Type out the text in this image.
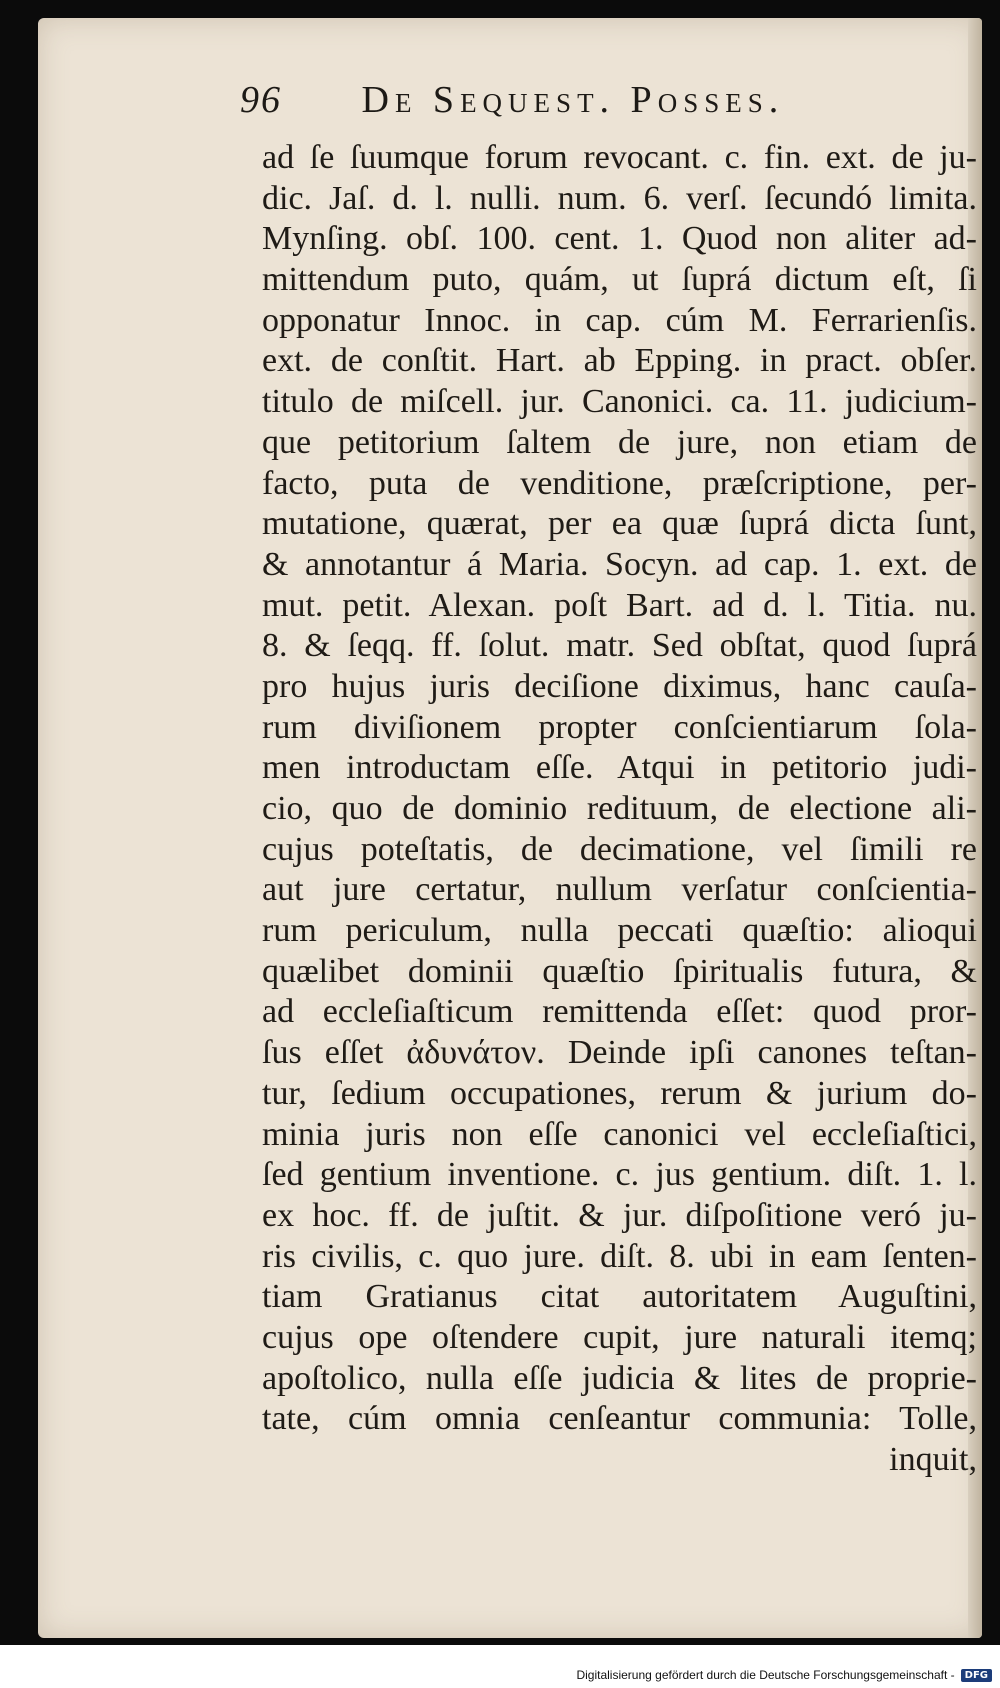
96 De Sequest. Posses.
ad ſe ſuumque forum revocant. c. fin. ext. de ju-
dic. Jaſ. d. l. nulli. num. 6. verſ. ſecundó limita.
Mynſing. obſ. 100. cent. 1. Quod non aliter ad-
mittendum puto, quám, ut ſuprá dictum eſt, ſi
opponatur Innoc. in cap. cúm M. Ferrarienſis.
ext. de conſtit. Hart. ab Epping. in pract. obſer.
titulo de miſcell. jur. Canonici. ca. 11. judicium-
que petitorium ſaltem de jure, non etiam de
facto, puta de venditione, præſcriptione, per-
mutatione, quærat, per ea quæ ſuprá dicta ſunt,
& annotantur á Maria. Socyn. ad cap. 1. ext. de
mut. petit. Alexan. poſt Bart. ad d. l. Titia. nu.
8. & ſeqq. ff. ſolut. matr. Sed obſtat, quod ſuprá
pro hujus juris deciſione diximus, hanc cauſa-
rum diviſionem propter conſcientiarum ſola-
men introductam eſſe. Atqui in petitorio judi-
cio, quo de dominio redituum, de electione ali-
cujus poteſtatis, de decimatione, vel ſimili re
aut jure certatur, nullum verſatur conſcientia-
rum periculum, nulla peccati quæſtio: alioqui
quælibet dominii quæſtio ſpiritualis futura, &
ad eccleſiaſticum remittenda eſſet: quod pror-
ſus eſſet ἀδυνάτον. Deinde ipſi canones teſtan-
tur, ſedium occupationes, rerum & jurium do-
minia juris non eſſe canonici vel eccleſiaſtici,
ſed gentium inventione. c. jus gentium. diſt. 1. l.
ex hoc. ff. de juſtit. & jur. diſpoſitione veró ju-
ris civilis, c. quo jure. diſt. 8. ubi in eam ſenten-
tiam Gratianus citat autoritatem Auguſtini,
cujus ope oſtendere cupit, jure naturali itemq;
apoſtolico, nulla eſſe judicia & lites de proprie-
tate, cúm omnia cenſeantur communia: Tolle,
inquit,
Digitalisierung gefördert durch die Deutsche Forschungsgemeinschaft -	DFG
